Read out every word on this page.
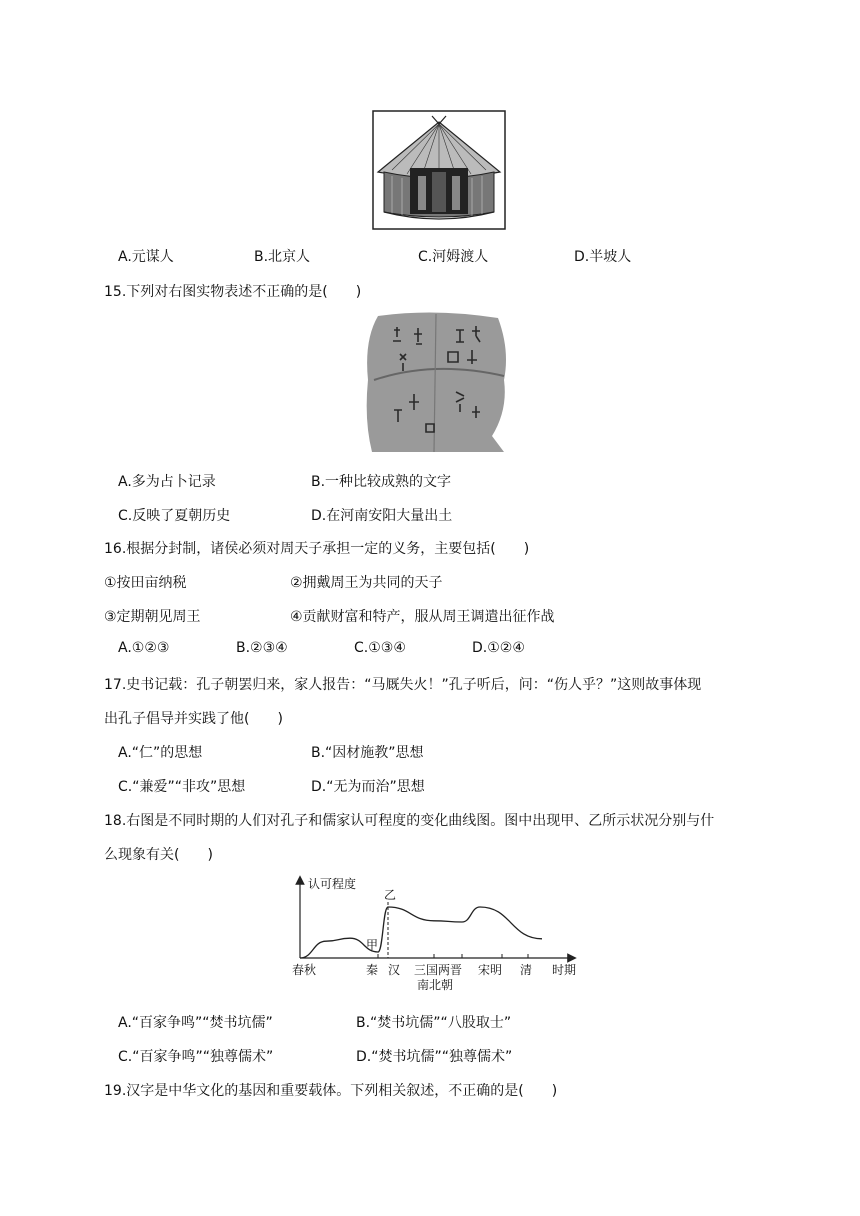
A.元谋人	B.北京人	C.河姆渡人	D.半坡人
15.下列对右图实物表述不正确的是(　　)
A.多为占卜记录	B.一种比较成熟的文字
C.反映了夏朝历史	D.在河南安阳大量出土
16.根据分封制，诸侯必须对周天子承担一定的义务，主要包括(　　)
①按田亩纳税	②拥戴周王为共同的天子
③定期朝见周王	④贡献财富和特产，服从周王调遣出征作战
A.①②③	B.②③④	C.①③④	D.①②④
17.史书记载：孔子朝罢归来，家人报告：“马厩失火！”孔子听后，问：“伤人乎？”这则故事体现
出孔子倡导并实践了他(　　)
A.“仁”的思想	B.“因材施教”思想
C.“兼爱”“非攻”思想	D.“无为而治”思想
18.右图是不同时期的人们对孔子和儒家认可程度的变化曲线图。图中出现甲、乙所示状况分别与什
么现象有关(　　)
认可程度
时期
甲
乙
春秋	秦 汉 三国两晋
南北朝
宋明 清
A.“百家争鸣”“焚书坑儒”	B.“焚书坑儒”“八股取士”
C.“百家争鸣”“独尊儒术”	D.“焚书坑儒”“独尊儒术”
19.汉字是中华文化的基因和重要载体。下列相关叙述，不正确的是(　　)
